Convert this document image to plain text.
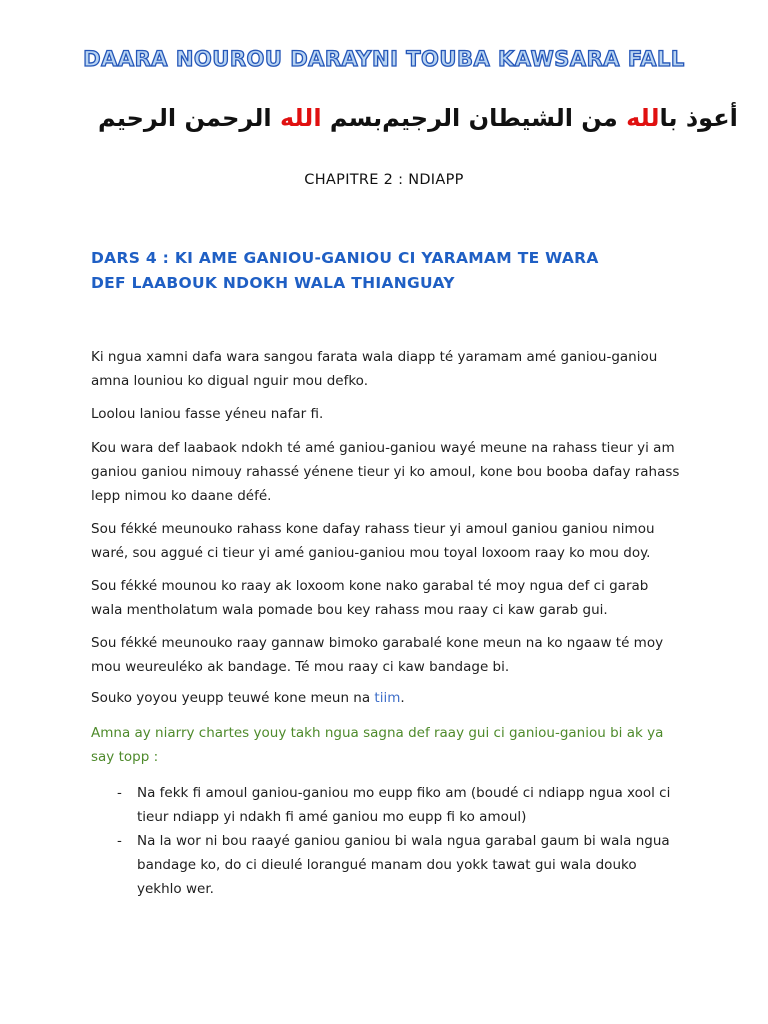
DAARA NOUROU DARAYNI TOUBA KAWSARA FALL
بسم الله الرحمن الرحيم	أعوذ بالله من الشيطان الرجيم
CHAPITRE 2 : NDIAPP
DARS 4 : KI AME GANIOU-GANIOU CI YARAMAM TE WARA
DEF LAABOUK NDOKH WALA THIANGUAY
Ki ngua xamni dafa wara sangou farata wala diapp té yaramam amé ganiou-ganiou
amna louniou ko digual nguir mou defko.
Loolou laniou fasse yéneu nafar fi.
Kou wara def laabaok ndokh té amé ganiou-ganiou wayé meune na rahass tieur yi am
ganiou ganiou nimouy rahassé yénene tieur yi ko amoul, kone bou booba dafay rahass
lepp nimou ko daane défé.
Sou fékké meunouko rahass kone dafay rahass tieur yi amoul ganiou ganiou nimou
waré, sou aggué ci tieur yi amé ganiou-ganiou mou toyal loxoom raay ko mou doy.
Sou fékké mounou ko raay ak loxoom kone nako garabal té moy ngua def ci garab
wala mentholatum wala pomade bou key rahass mou raay ci kaw garab gui.
Sou fékké meunouko raay gannaw bimoko garabalé kone meun na ko ngaaw té moy
mou weureuléko ak bandage. Té mou raay ci kaw bandage bi.
Souko yoyou yeupp teuwé kone meun na tiim.
Amna ay niarry chartes youy takh ngua sagna def raay gui ci ganiou-ganiou bi ak ya
say topp :
- Na fekk fi amoul ganiou-ganiou mo eupp fiko am (boudé ci ndiapp ngua xool ci
tieur ndiapp yi ndakh fi amé ganiou mo eupp fi ko amoul)
- Na la wor ni bou raayé ganiou ganiou bi wala ngua garabal gaum bi wala ngua
bandage ko, do ci dieulé lorangué manam dou yokk tawat gui wala douko
yekhlo wer.
